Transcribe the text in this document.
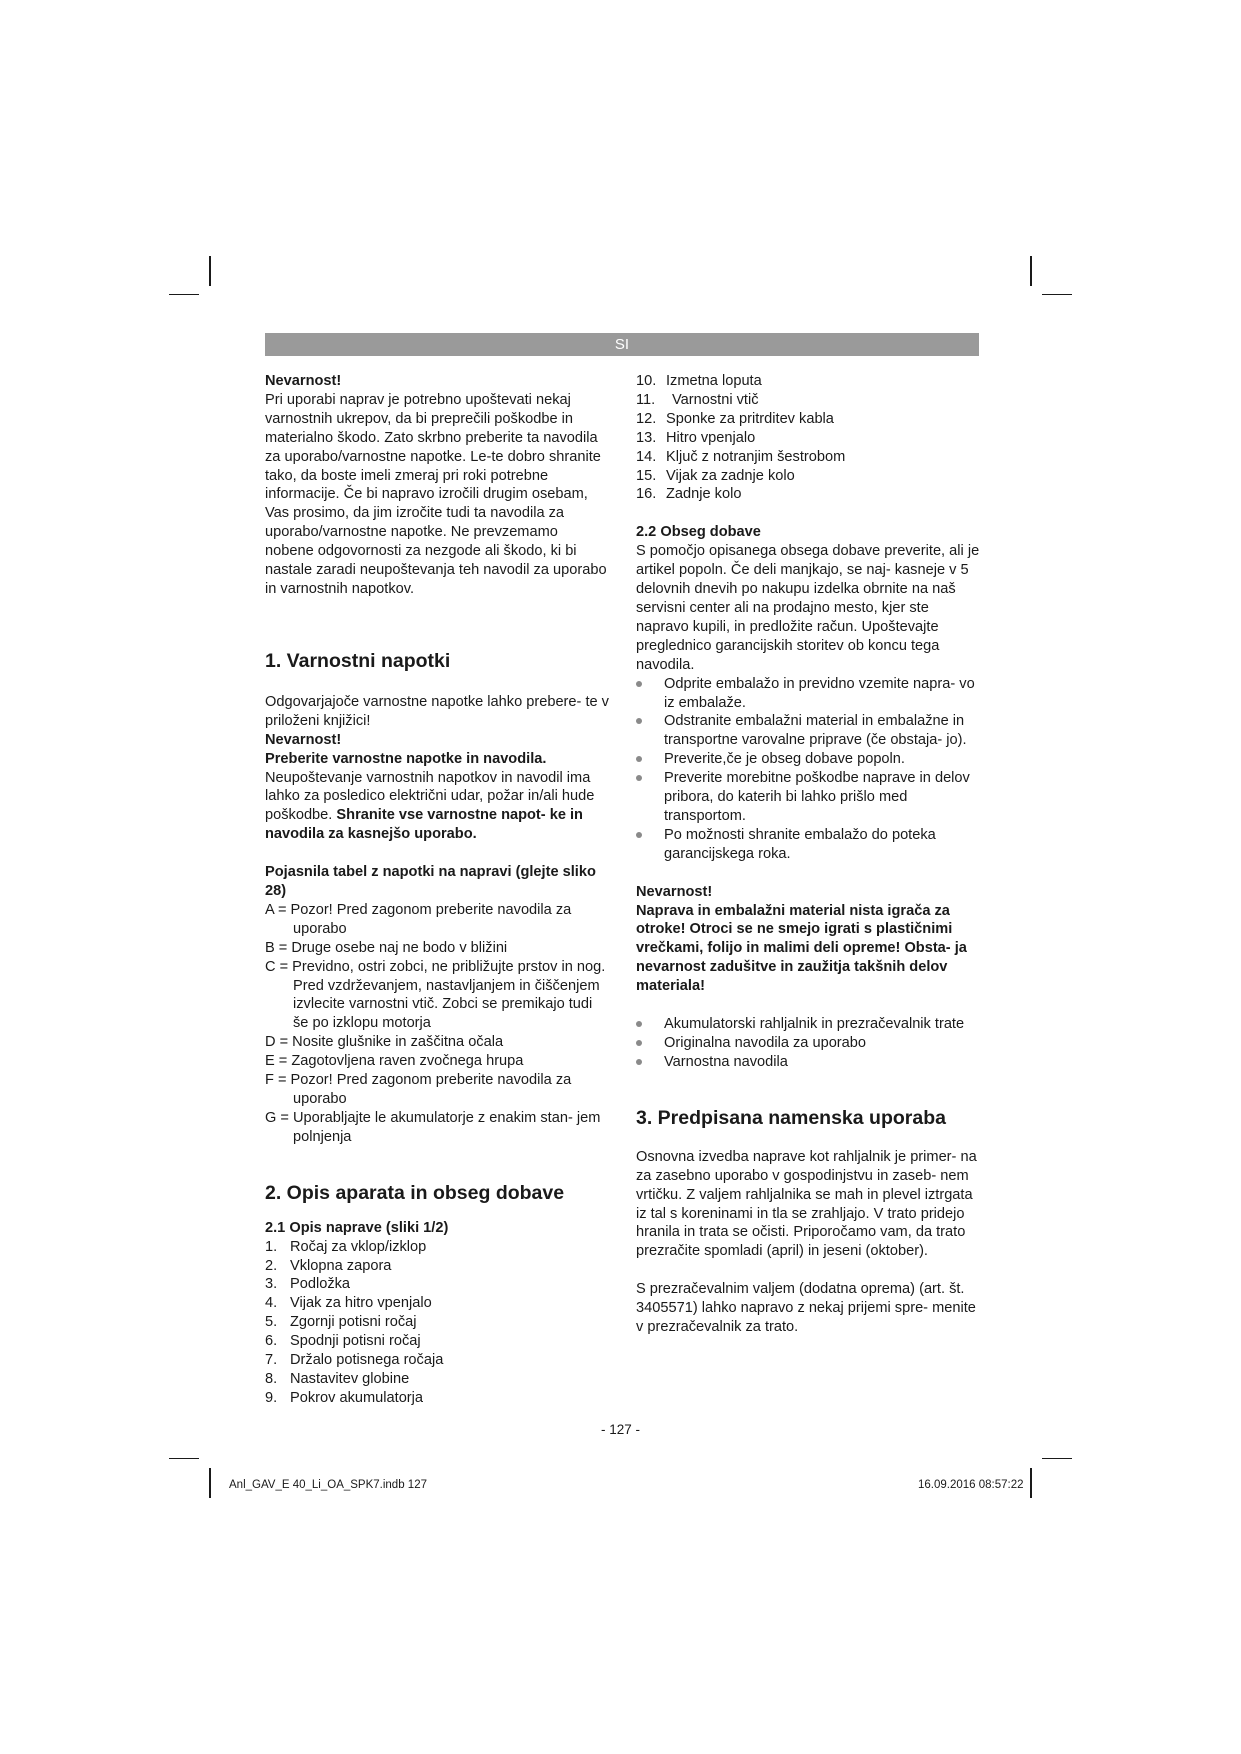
SI

Nevarnost!

Pri uporabi naprav je potrebno upoštevati nekaj varnostnih ukrepov, da bi preprečili poškodbe in materialno škodo. Zato skrbno preberite ta navodila za uporabo/varnostne napotke. Le-te dobro shranite tako, da boste imeli zmeraj pri roki potrebne informacije. Če bi napravo izročili drugim osebam, Vas prosimo, da jim izročite tudi ta navodila za uporabo/varnostne napotke. Ne prevzemamo nobene odgovornosti za nezgode ali škodo, ki bi nastale zaradi neupoštevanja teh navodil za uporabo in varnostnih napotkov.

1. Varnostni napotki

Odgovarjajoče varnostne napotke lahko prebere- te v priloženi knjižici!

Nevarnost!

Preberite varnostne napotke in navodila.

Neupoštevanje varnostnih napotkov in navodil ima lahko za posledico električni udar, požar in/ali hude poškodbe. Shranite vse varnostne napot- ke in navodila za kasnejšo uporabo.

Pojasnila tabel z napotki na napravi (glejte sliko 28)

A = Pozor! Pred zagonom preberite navodila za uporabo
B = Druge osebe naj ne bodo v bližini
C = Previdno, ostri zobci, ne približujte prstov in nog. Pred vzdrževanjem, nastavljanjem in čiščenjem izvlecite varnostni vtič. Zobci se premikajo tudi še po izklopu motorja
D = Nosite glušnike in zaščitna očala
E = Zagotovljena raven zvočnega hrupa
F = Pozor! Pred zagonom preberite navodila za uporabo
G = Uporabljajte le akumulatorje z enakim stan- jem polnjenja

2. Opis aparata in obseg dobave

2.1 Opis naprave (sliki 1/2)

1. Ročaj za vklop/izklop
2. Vklopna zapora
3. Podložka
4. Vijak za hitro vpenjalo
5. Zgornji potisni ročaj
6. Spodnji potisni ročaj
7. Držalo potisnega ročaja
8. Nastavitev globine
9. Pokrov akumulatorja
10. Izmetna loputa
11.	Varnostni vtič
12. Sponke za pritrditev kabla
13. Hitro vpenjalo
14. Ključ z notranjim šestrobom
15. Vijak za zadnje kolo
16. Zadnje kolo

2.2 Obseg dobave

S pomočjo opisanega obsega dobave preverite, ali je artikel popoln. Če deli manjkajo, se naj- kasneje v 5 delovnih dnevih po nakupu izdelka obrnite na naš servisni center ali na prodajno mesto, kjer ste napravo kupili, in predložite račun. Upoštevajte preglednico garancijskih storitev ob koncu tega navodila.

Odprite embalažo in previdno vzemite napra- vo iz embalaže.
Odstranite embalažni material in embalažne in transportne varovalne priprave (če obstaja- jo).
Preverite,če je obseg dobave popoln.
Preverite morebitne poškodbe naprave in delov pribora, do katerih bi lahko prišlo med transportom.
Po možnosti shranite embalažo do poteka garancijskega roka.

Nevarnost!

Naprava in embalažni material nista igrača za otroke! Otroci se ne smejo igrati s plastičnimi vrečkami, folijo in malimi deli opreme! Obsta- ja nevarnost zadušitve in zaužitja takšnih delov materiala!

Akumulatorski rahljalnik in prezračevalnik trate
Originalna navodila za uporabo
Varnostna navodila

3. Predpisana namenska uporaba

Osnovna izvedba naprave kot rahljalnik je primer- na za zasebno uporabo v gospodinjstvu in zaseb- nem vrtičku. Z valjem rahljalnika se mah in plevel iztrgata iz tal s koreninami in tla se zrahljajo. V trato pridejo hranila in trata se očisti. Priporočamo vam, da trato prezračite spomladi (april) in jeseni (oktober).

S prezračevalnim valjem (dodatna oprema) (art. št. 3405571) lahko napravo z nekaj prijemi spre- menite v prezračevalnik za trato.

- 127 -
Anl_GAV_E 40_Li_OA_SPK7.indb 127	16.09.2016 08:57:22
